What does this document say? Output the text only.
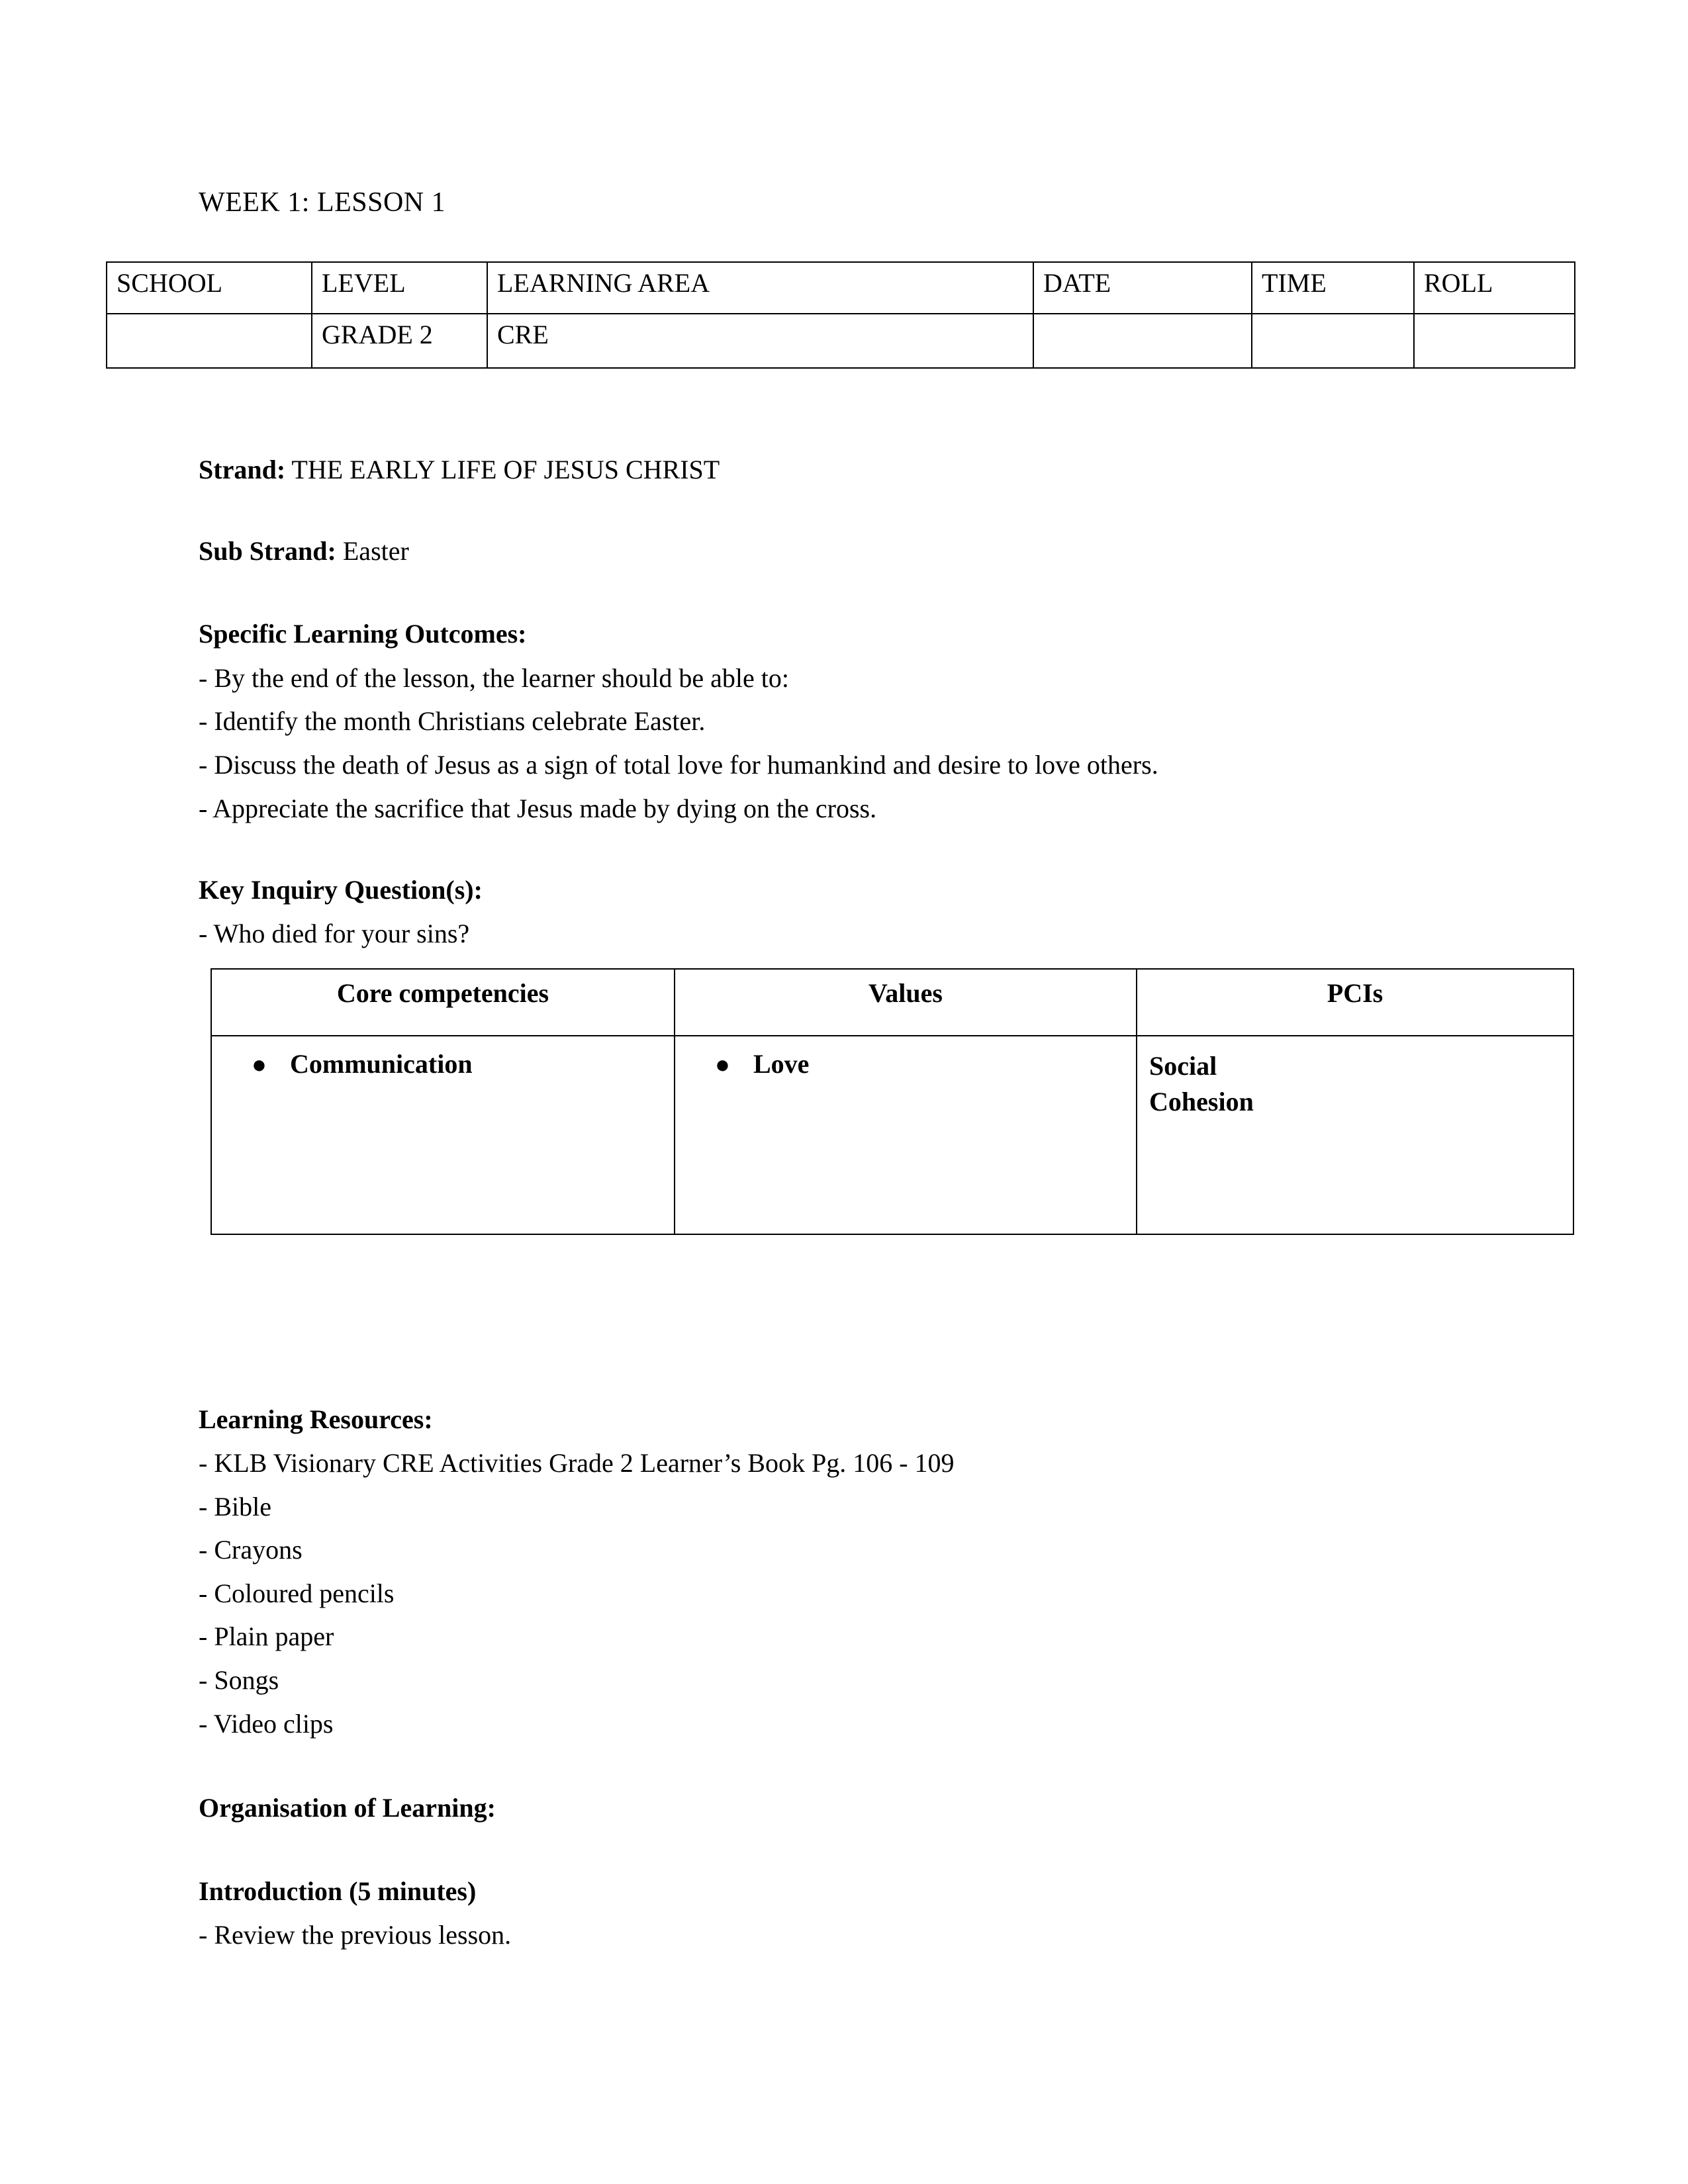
WEEK 1: LESSON 1
SCHOOL	LEVEL	LEARNING AREA	DATE	TIME	ROLL
	GRADE 2	CRE			
Strand: THE EARLY LIFE OF JESUS CHRIST
Sub Strand: Easter
Specific Learning Outcomes:
- By the end of the lesson, the learner should be able to:
- Identify the month Christians celebrate Easter.
- Discuss the death of Jesus as a sign of total love for humankind and desire to love others.
- Appreciate the sacrifice that Jesus made by dying on the cross.
Key Inquiry Question(s):
- Who died for your sins?
Core competencies	Values	PCIs

● Communication	● Love	Social
Cohesion
Learning Resources:
- KLB Visionary CRE Activities Grade 2 Learner’s Book Pg. 106 - 109
- Bible
- Crayons
- Coloured pencils
- Plain paper
- Songs
- Video clips
Organisation of Learning:
Introduction (5 minutes)
- Review the previous lesson.
